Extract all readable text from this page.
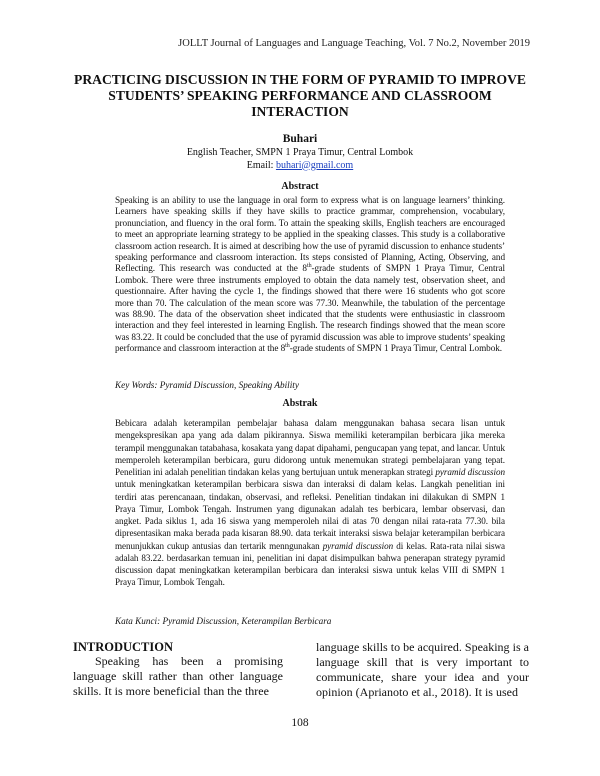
JOLLT Journal of Languages and Language Teaching, Vol. 7 No.2, November 2019
PRACTICING DISCUSSION IN THE FORM OF PYRAMID TO IMPROVE STUDENTS’ SPEAKING PERFORMANCE AND CLASSROOM INTERACTION
Buhari
English Teacher, SMPN 1 Praya Timur, Central Lombok
Email: buhari@gmail.com
Abstract

Speaking is an ability to use the language in oral form to express what is on language learners’ thinking. Learners have speaking skills if they have skills to practice grammar, comprehension, vocabulary, pronunciation, and fluency in the oral form. To attain the speaking skills, English teachers are encouraged to meet an appropriate learning strategy to be applied in the speaking classes. This study is a collaborative classroom action research. It is aimed at describing how the use of pyramid discussion to enhance students’ speaking performance and classroom interaction. Its steps consisted of Planning, Acting, Observing, and Reflecting. This research was conducted at the 8th-grade students of SMPN 1 Praya Timur, Central Lombok. There were three instruments employed to obtain the data namely test, observation sheet, and questionnaire. After having the cycle 1, the findings showed that there were 16 students who got score more than 70. The calculation of the mean score was 77.30. Meanwhile, the tabulation of the percentage was 88.90. The data of the observation sheet indicated that the students were enthusiastic in classroom interaction and they feel interested in learning English. The research findings showed that the mean score was 83.22. It could be concluded that the use of pyramid discussion was able to improve students’ speaking performance and classroom interaction at the 8th-grade students of SMPN 1 Praya Timur, Central Lombok.

Key Words: Pyramid Discussion, Speaking Ability
Abstrak

Bebicara adalah keterampilan pembelajar bahasa dalam menggunakan bahasa secara lisan untuk mengekspresikan apa yang ada dalam pikirannya. Siswa memiliki keterampilan berbicara jika mereka terampil menggunakan tatabahasa, kosakata yang dapat dipahami, pengucapan yang tepat, and lancar. Untuk memperoleh keterampilan berbicara, guru didorong untuk menemukan strategi pembelajaran yang tepat. Penelitian ini adalah penelitian tindakan kelas yang bertujuan untuk menerapkan strategi pyramid discussion untuk meningkatkan keterampilan berbicara siswa dan interaksi di dalam kelas. Langkah penelitian ini terdiri atas perencanaan, tindakan, observasi, and refleksi. Penelitian tindakan ini dilakukan di SMPN 1 Praya Timur, Lombok Tengah. Instrumen yang digunakan adalah tes berbicara, lembar observasi, dan angket. Pada siklus 1, ada 16 siswa yang memperoleh nilai di atas 70 dengan nilai rata-rata 77.30. bila dipresentasikan maka berada pada kisaran 88.90. data terkait interaksi siswa belajar keterampilan berbicara menunjukkan cukup antusias dan tertarik menngunakan pyramid discussion di kelas. Rata-rata nilai siswa adalah 83.22. berdasarkan temuan ini, penelitian ini dapat disimpulkan bahwa penerapan strategy pyramid discussion dapat meningkatkan keterampilan berbicara dan interaksi siswa untuk kelas VIII di SMPN 1 Praya Timur, Lombok Tengah.

Kata Kunci: Pyramid Discussion, Keterampilan Berbicara
INTRODUCTION

Speaking has been a promising language skill rather than other language skills. It is more beneficial than the three

language skills to be acquired. Speaking is a language skill that is very important to communicate, share your idea and your opinion (Aprianoto et al., 2018). It is used

108
